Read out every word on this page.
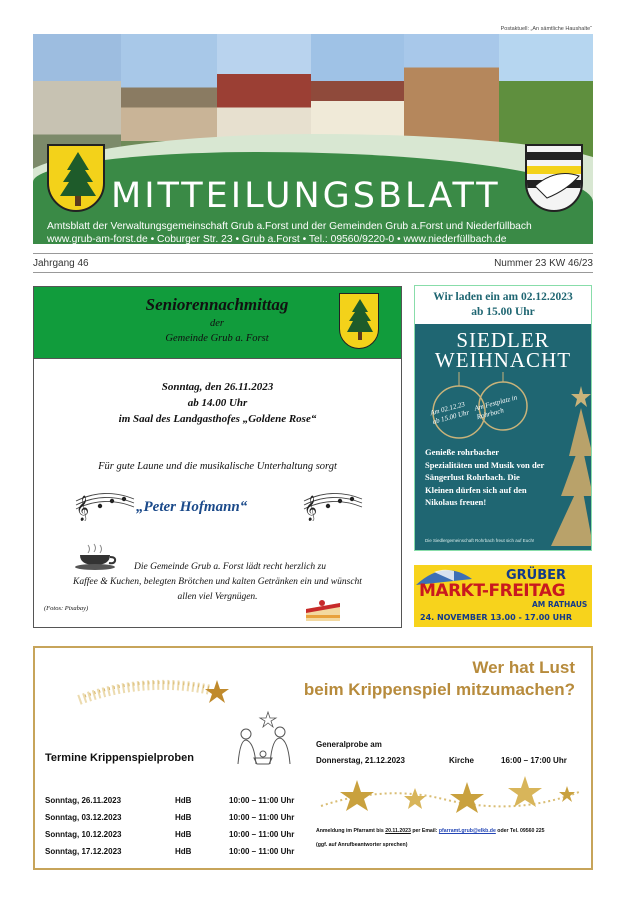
Postaktuell: „An sämtliche Haushalte“
MITTEILUNGSBLATT
Amtsblatt der Verwaltungsgemeinschaft Grub a.Forst und der Gemeinden Grub a.Forst und Niederfüllbach
www.grub-am-forst.de • Coburger Str. 23 • Grub a.Forst • Tel.: 09560/9220-0 • www.niederfüllbach.de
Jahrgang 46	Nummer 23 KW 46/23
Seniorennachmittag
der
Gemeinde Grub a. Forst
Sonntag, den 26.11.2023
ab 14.00 Uhr
im Saal des Landgasthofes „Goldene Rose“
Für gute Laune und die musikalische Unterhaltung sorgt
𝄞	„Peter Hofmann“	𝄞
Die Gemeinde Grub a. Forst lädt recht herzlich zu
Kaffee & Kuchen, belegten Brötchen und kalten Getränken ein und wünscht
allen viel Vergnügen.
(Fotos: Pixabay)
Wir laden ein am 02.12.2023
ab 15.00 Uhr
SIEDLER
WEIHNACHT
Am 02.12.23 ab 15.00 Uhr
Am Festplatz in Rohrbach
Genieße rohrbacher Spezialitäten und Musik von der Sängerlust Rohrbach. Die Kleinen dürfen sich auf den Nikolaus freuen!
Die Siedlergemeinschaft Rohrbach freut sich auf Euch!
GRÜBER
MARKT-FREITAG
AM RATHAUS
24. NOVEMBER 13.00 - 17.00 UHR
Wer hat Lust
beim Krippenspiel mitzumachen?
Termine Krippenspielproben
Sonntag, 26.11.2023	HdB	10:00 – 11:00 Uhr
Sonntag, 03.12.2023	HdB	10:00 – 11:00 Uhr
Sonntag, 10.12.2023	HdB	10:00 – 11:00 Uhr
Sonntag, 17.12.2023	HdB	10:00 – 11:00 Uhr
Generalprobe am
Donnerstag, 21.12.2023	Kirche	16:00 – 17:00 Uhr
Anmeldung im Pfarramt bis 20.11.2023 per Email: pfarramt.grub@elkb.de oder Tel. 09560 225
(ggf. auf Anrufbeantworter sprechen)
